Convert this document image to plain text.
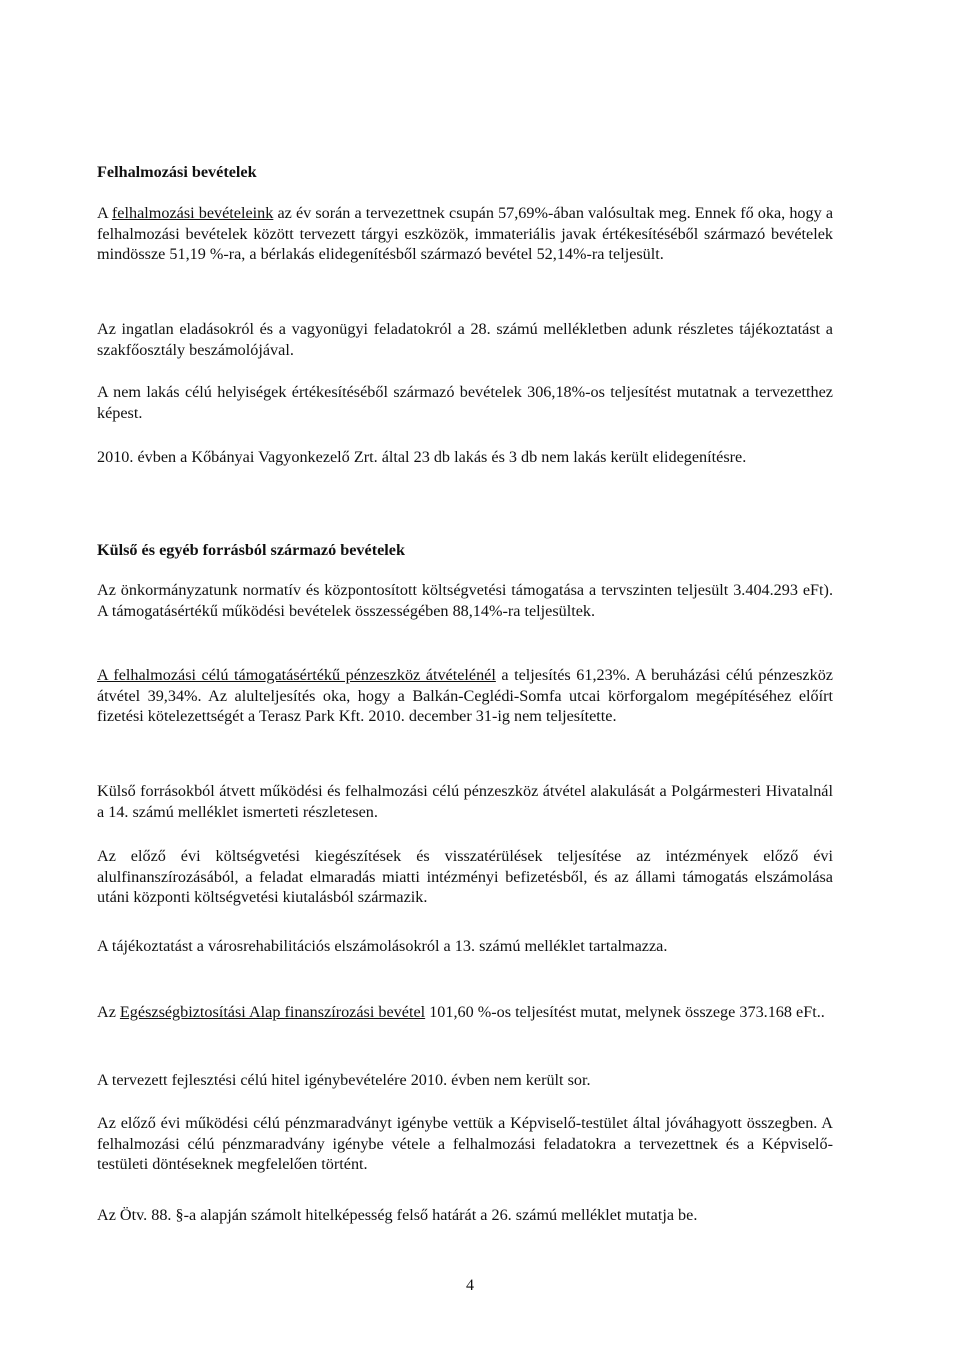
Felhalmozási bevételek

A felhalmozási bevételeink az év során a tervezettnek csupán 57,69%-ában valósultak meg. Ennek fő oka, hogy a felhalmozási bevételek között tervezett tárgyi eszközök, immateriális javak értékesítéséből származó bevételek mindössze 51,19 %-ra, a bérlakás elidegenítésből származó bevétel 52,14%-ra teljesült.

Az ingatlan eladásokról és a vagyonügyi feladatokról a 28. számú mellékletben adunk részletes tájékoztatást a szakfőosztály beszámolójával.

A nem lakás célú helyiségek értékesítéséből származó bevételek 306,18%-os teljesítést mutatnak a tervezetthez képest.

2010. évben a Kőbányai Vagyonkezelő Zrt. által 23 db lakás és 3 db nem lakás került elidegenítésre.

Külső és egyéb forrásból származó bevételek

Az önkormányzatunk normatív és központosított költségvetési támogatása a tervszinten teljesült 3.404.293 eFt). A támogatásértékű működési bevételek összességében 88,14%-ra teljesültek.

A felhalmozási célú támogatásértékű pénzeszköz átvételénél a teljesítés 61,23%. A beruházási célú pénzeszköz átvétel 39,34%. Az alulteljesítés oka, hogy a Balkán-Ceglédi-Somfa utcai körforgalom megépítéséhez előírt fizetési kötelezettségét a Terasz Park Kft. 2010. december 31-ig nem teljesítette.

Külső forrásokból átvett működési és felhalmozási célú pénzeszköz átvétel alakulását a Polgármesteri Hivatalnál a 14. számú melléklet ismerteti részletesen.

Az előző évi költségvetési kiegészítések és visszatérülések teljesítése az intézmények előző évi alulfinanszírozásából, a feladat elmaradás miatti intézményi befizetésből, és az állami támogatás elszámolása utáni központi költségvetési kiutalásból származik.

A tájékoztatást a városrehabilitációs elszámolásokról a 13. számú melléklet tartalmazza.

Az Egészségbiztosítási Alap finanszírozási bevétel 101,60 %-os teljesítést mutat, melynek összege 373.168 eFt..

A tervezett fejlesztési célú hitel igénybevételére 2010. évben nem került sor.

Az előző évi működési célú pénzmaradványt igénybe vettük a Képviselő-testület által jóváhagyott összegben. A felhalmozási célú pénzmaradvány igénybe vétele a felhalmozási feladatokra a tervezettnek és a Képviselő-testületi döntéseknek megfelelően történt.

Az Ötv. 88. §-a alapján számolt hitelképesség felső határát a 26. számú melléklet mutatja be.

4
